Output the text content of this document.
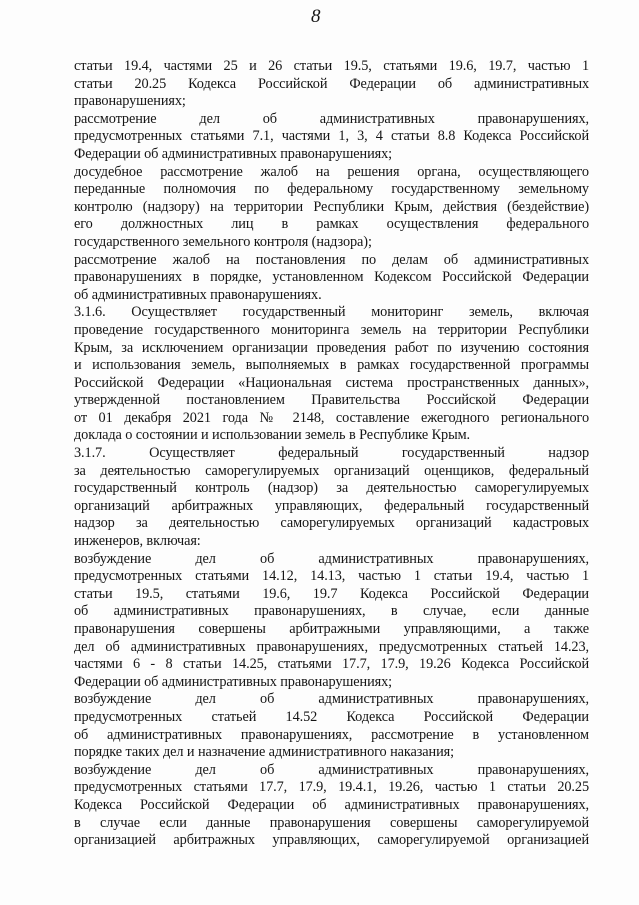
8

статьи 19.4, частями 25 и 26 статьи 19.5, статьями 19.6, 19.7, частью 1
статьи 20.25 Кодекса Российской Федерации об административных

правонарушениях;

рассмотрение дел об административных правонарушениях,
предусмотренных статьями 7.1, частями 1, 3, 4 статьи 8.8 Кодекса Российской

Федерации об административных правонарушениях;

досудебное рассмотрение жалоб на решения органа, осуществляющего
переданные полномочия по федеральному государственному земельному
контролю (надзору) на территории Республики Крым, действия (бездействие)
его должностных лиц в рамках осуществления федерального

государственного земельного контроля (надзора);

рассмотрение жалоб на постановления по делам об административных
правонарушениях в порядке, установленном Кодексом Российской Федерации

об административных правонарушениях.

3.1.6. Осуществляет государственный мониторинг земель, включая
проведение государственного мониторинга земель на территории Республики
Крым, за исключением организации проведения работ по изучению состояния
и использования земель, выполняемых в рамках государственной программы
Российской Федерации «Национальная система пространственных данных»,
утвержденной постановлением Правительства Российской Федерации
от 01 декабря 2021 года № 2148, составление ежегодного регионального

доклада о состоянии и использовании земель в Республике Крым.

3.1.7. Осуществляет федеральный государственный надзор
за деятельностью саморегулируемых организаций оценщиков, федеральный
государственный контроль (надзор) за деятельностью саморегулируемых
организаций арбитражных управляющих, федеральный государственный
надзор за деятельностью саморегулируемых организаций кадастровых

инженеров, включая:

возбуждение дел об административных правонарушениях,
предусмотренных статьями 14.12, 14.13, частью 1 статьи 19.4, частью 1
статьи 19.5, статьями 19.6, 19.7 Кодекса Российской Федерации
об административных правонарушениях, в случае, если данные
правонарушения совершены арбитражными управляющими, а также
дел об административных правонарушениях, предусмотренных статьей 14.23,
частями 6 - 8 статьи 14.25, статьями 17.7, 17.9, 19.26 Кодекса Российской

Федерации об административных правонарушениях;

возбуждение дел об административных правонарушениях,
предусмотренных статьей 14.52 Кодекса Российской Федерации
об административных правонарушениях, рассмотрение в установленном

порядке таких дел и назначение административного наказания;

возбуждение дел об административных правонарушениях,
предусмотренных статьями 17.7, 17.9, 19.4.1, 19.26, частью 1 статьи 20.25
Кодекса Российской Федерации об административных правонарушениях,
в случае если данные правонарушения совершены саморегулируемой
организацией арбитражных управляющих, саморегулируемой организацией
